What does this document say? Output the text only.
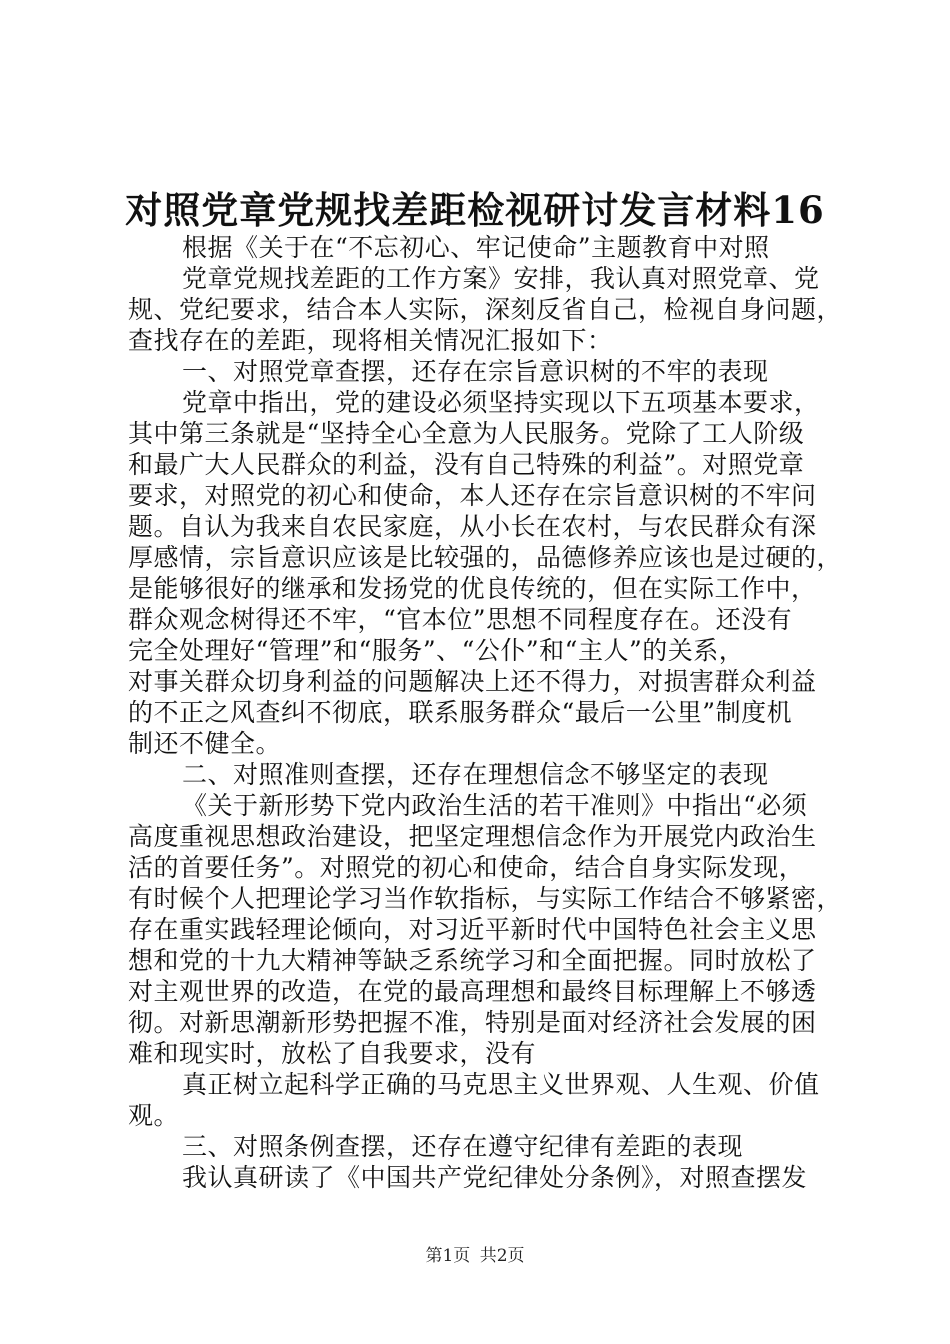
对照党章党规找差距检视研讨发言材料16
根据《关于在“不忘初心、牢记使命”主题教育中对照
党章党规找差距的工作方案》安排，我认真对照党章、党
规、党纪要求，结合本人实际，深刻反省自己，检视自身问题，
查找存在的差距，现将相关情况汇报如下：
一、对照党章查摆，还存在宗旨意识树的不牢的表现
党章中指出，党的建设必须坚持实现以下五项基本要求，
其中第三条就是“坚持全心全意为人民服务。党除了工人阶级
和最广大人民群众的利益，没有自己特殊的利益”。对照党章
要求，对照党的初心和使命，本人还存在宗旨意识树的不牢问
题。自认为我来自农民家庭，从小长在农村，与农民群众有深
厚感情，宗旨意识应该是比较强的，品德修养应该也是过硬的，
是能够很好的继承和发扬党的优良传统的，但在实际工作中，
群众观念树得还不牢，“官本位”思想不同程度存在。还没有
完全处理好“管理”和“服务”、“公仆”和“主人”的关系，
对事关群众切身利益的问题解决上还不得力，对损害群众利益
的不正之风查纠不彻底，联系服务群众“最后一公里”制度机
制还不健全。
二、对照准则查摆，还存在理想信念不够坚定的表现
《关于新形势下党内政治生活的若干准则》中指出“必须
高度重视思想政治建设，把坚定理想信念作为开展党内政治生
活的首要任务”。对照党的初心和使命，结合自身实际发现，
有时候个人把理论学习当作软指标，与实际工作结合不够紧密，
存在重实践轻理论倾向，对习近平新时代中国特色社会主义思
想和党的十九大精神等缺乏系统学习和全面把握。同时放松了
对主观世界的改造，在党的最高理想和最终目标理解上不够透
彻。对新思潮新形势把握不准，特别是面对经济社会发展的困
难和现实时，放松了自我要求，没有
真正树立起科学正确的马克思主义世界观、人生观、价值
观。
三、对照条例查摆，还存在遵守纪律有差距的表现
我认真研读了《中国共产党纪律处分条例》，对照查摆发
第1页 共2页
